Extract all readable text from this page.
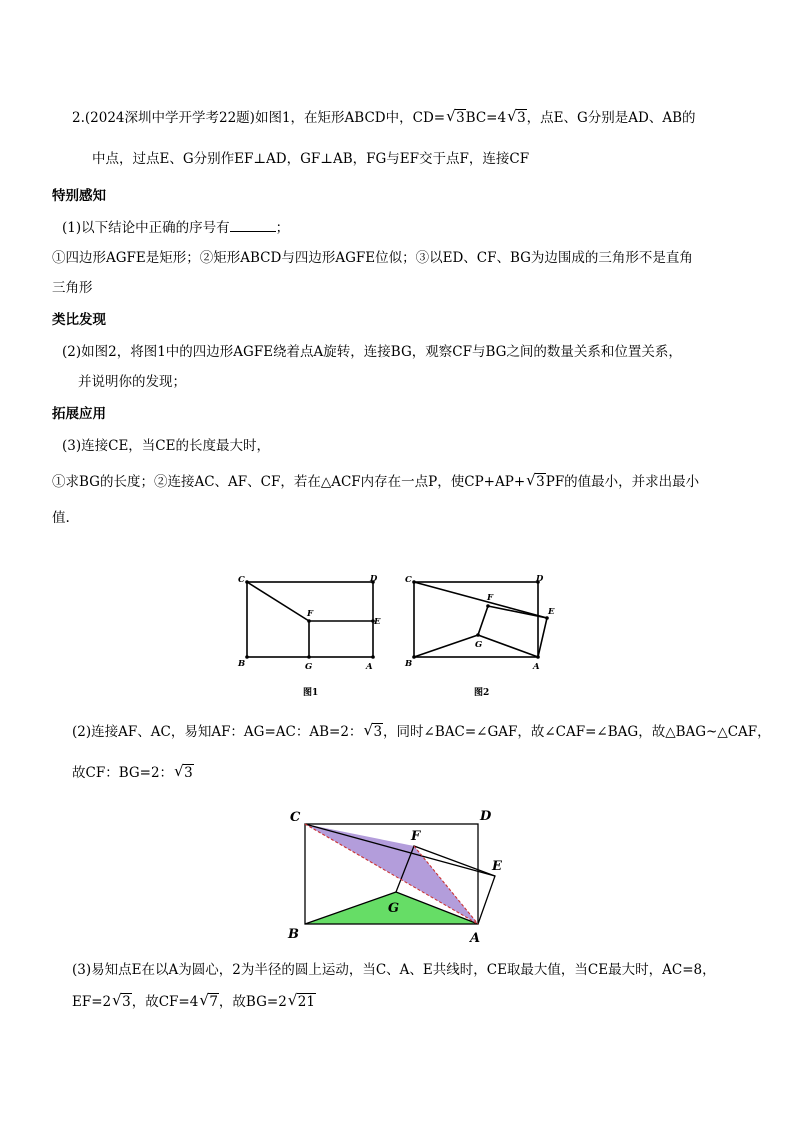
2.(2024深圳中学开学考22题)如图1，在矩形ABCD中，CD= √ 3BC=4 √ 3，点E、G分别是AD、AB的
中点，过点E、G分别作EF⊥AD，GF⊥AB，FG与EF交于点F，连接CF
特别感知
(1)以下结论中正确的序号有	；
①四边形AGFE是矩形；②矩形ABCD与四边形AGFE位似；③以ED、CF、BG为边围成的三角形不是直角
三角形
类比发现
(2)如图2，将图1中的四边形AGFE绕着点A旋转，连接BG，观察CF与BG之间的数量关系和位置关系，
并说明你的发现；
拓展应用
(3)连接CE，当CE的长度最大时，
①求BG的长度；②连接AC、AF、CF，若在△ACF内存在一点P，使CP+AP+ √ 3PF的值最小，并求出最小
值.
C	D
B	A
F
E
G
图1
C	D
B	A
F
E
G
图2
(2)连接AF、AC，易知AF：AG=AC：AB=2： √ 3，同时∠BAC=∠GAF，故∠CAF=∠BAG，故△BAG~△CAF，
故CF：BG=2： √ 3
C	D
B	A
F
E
G
(3)易知点E在以A为圆心，2为半径的圆上运动，当C、A、E共线时，CE取最大值，当CE最大时，AC=8，
EF=2 √ 3，故CF=4 √ 7，故BG=2 √ 21
